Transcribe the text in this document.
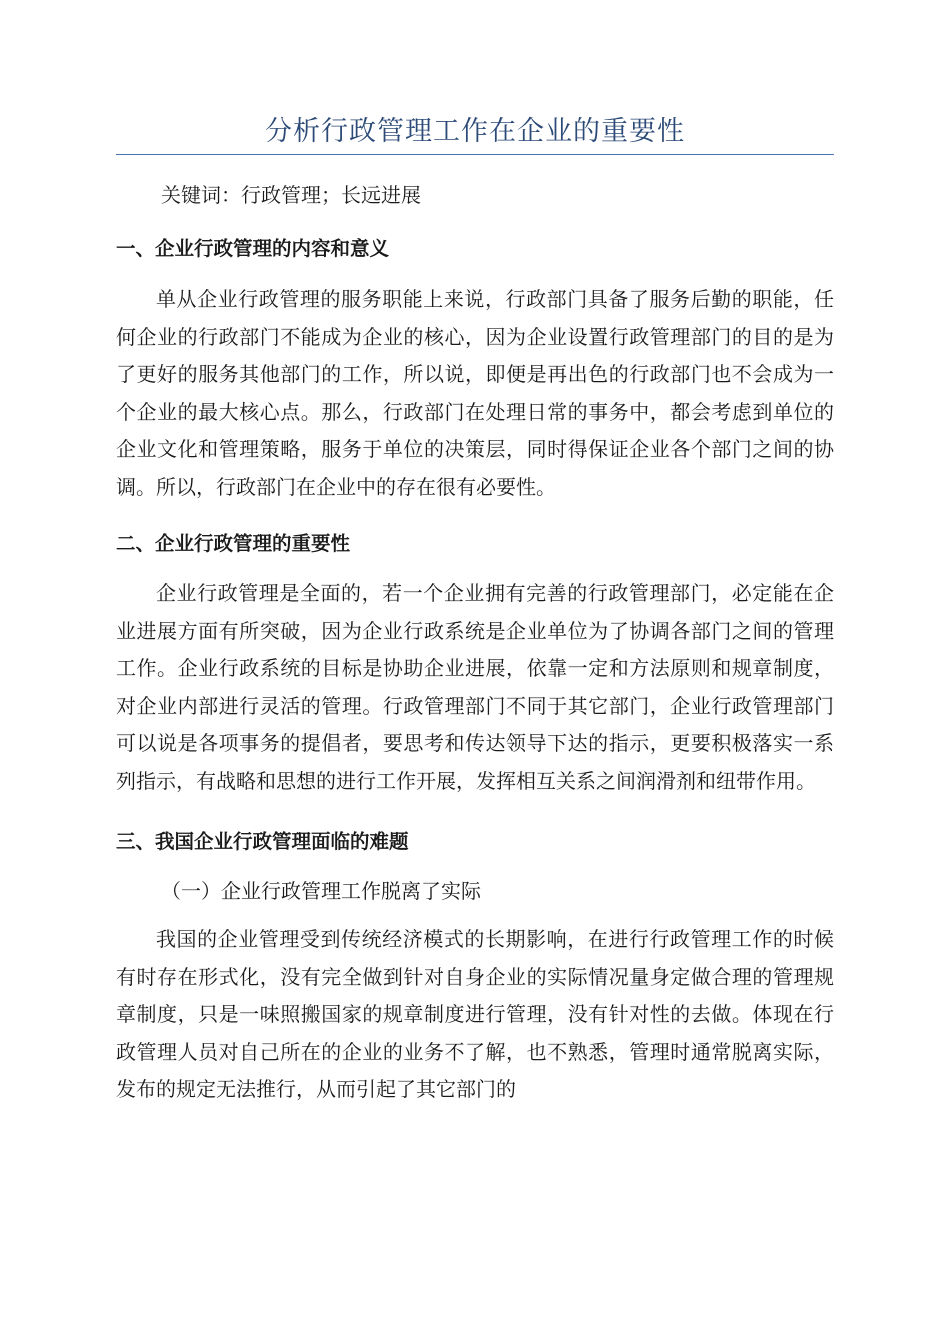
分析行政管理工作在企业的重要性
关键词：行政管理；长远进展
一、企业行政管理的内容和意义
单从企业行政管理的服务职能上来说，行政部门具备了服务后勤的职能，任何企业的行政部门不能成为企业的核心，因为企业设置行政管理部门的目的是为了更好的服务其他部门的工作，所以说，即便是再出色的行政部门也不会成为一个企业的最大核心点。那么，行政部门在处理日常的事务中，都会考虑到单位的企业文化和管理策略，服务于单位的决策层，同时得保证企业各个部门之间的协调。所以，行政部门在企业中的存在很有必要性。
二、企业行政管理的重要性
企业行政管理是全面的，若一个企业拥有完善的行政管理部门，必定能在企业进展方面有所突破，因为企业行政系统是企业单位为了协调各部门之间的管理工作。企业行政系统的目标是协助企业进展，依靠一定和方法原则和规章制度，对企业内部进行灵活的管理。行政管理部门不同于其它部门，企业行政管理部门可以说是各项事务的提倡者，要思考和传达领导下达的指示，更要积极落实一系列指示，有战略和思想的进行工作开展，发挥相互关系之间润滑剂和纽带作用。
三、我国企业行政管理面临的难题
（一）企业行政管理工作脱离了实际
我国的企业管理受到传统经济模式的长期影响，在进行行政管理工作的时候有时存在形式化，没有完全做到针对自身企业的实际情况量身定做合理的管理规章制度，只是一味照搬国家的规章制度进行管理，没有针对性的去做。体现在行政管理人员对自己所在的企业的业务不了解，也不熟悉，管理时通常脱离实际，发布的规定无法推行，从而引起了其它部门的
